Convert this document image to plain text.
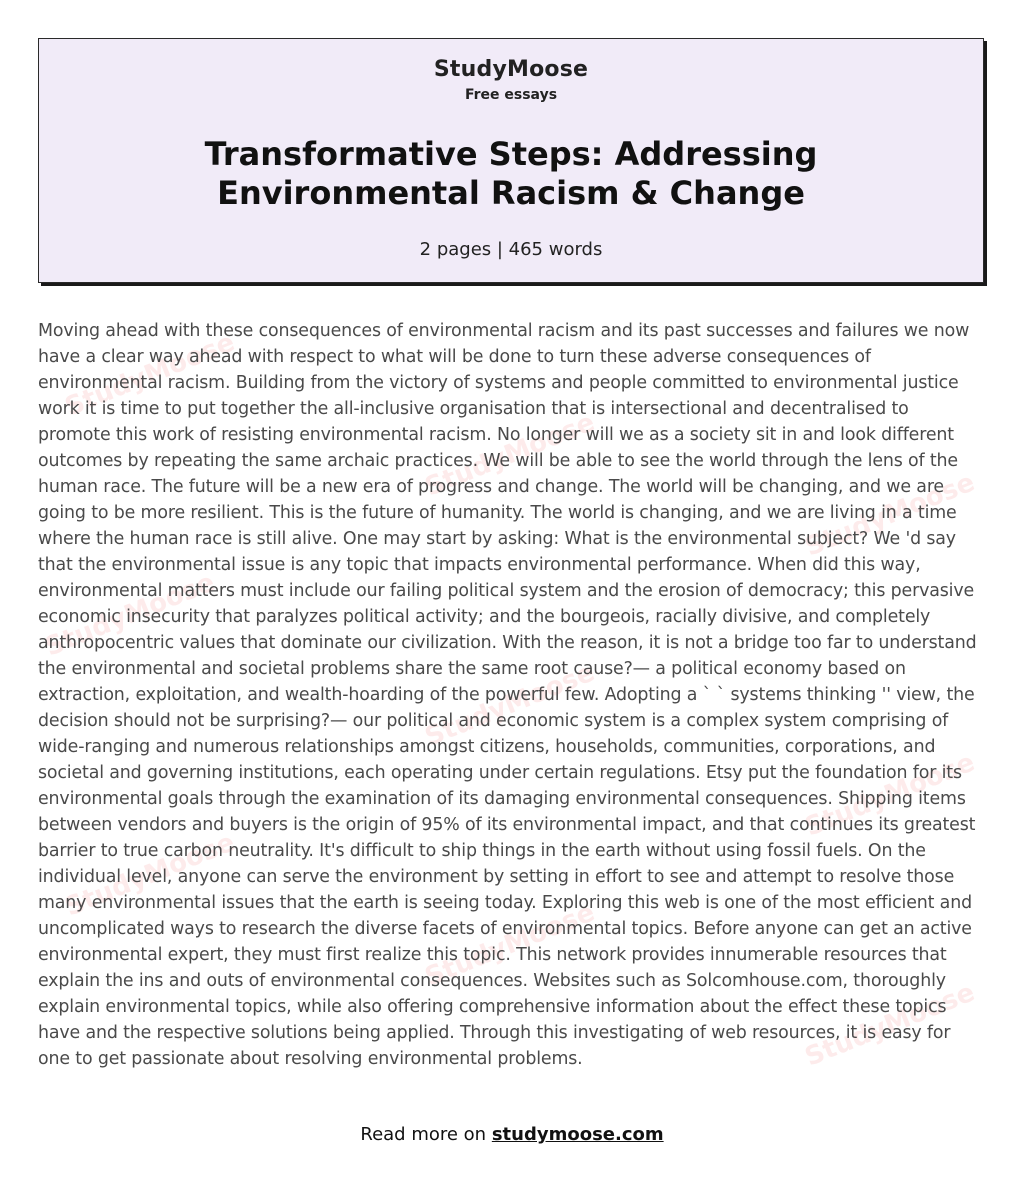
StudyMoose
Free essays
Transformative Steps: Addressing Environmental Racism & Change
2 pages | 465 words
StudyMoose
StudyMoose
StudyMoose
StudyMoose
StudyMoose
StudyMoose
StudyMoose
StudyMoose
StudyMoose

Moving ahead with these consequences of environmental racism and its past successes and failures we now have a clear way ahead with respect to what will be done to turn these adverse consequences of environmental racism. Building from the victory of systems and people committed to environmental justice work it is time to put together the all-inclusive organisation that is intersectional and decentralised to promote this work of resisting environmental racism. No longer will we as a society sit in and look different outcomes by repeating the same archaic practices. We will be able to see the world through the lens of the human race. The future will be a new era of progress and change. The world will be changing, and we are going to be more resilient. This is the future of humanity. The world is changing, and we are living in a time where the human race is still alive. One may start by asking: What is the environmental subject? We 'd say that the environmental issue is any topic that impacts environmental performance. When did this way, environmental matters must include our failing political system and the erosion of democracy; this pervasive economic insecurity that paralyzes political activity; and the bourgeois, racially divisive, and completely anthropocentric values that dominate our civilization. With the reason, it is not a bridge too far to understand the environmental and societal problems share the same root cause?— a political economy based on extraction, exploitation, and wealth-hoarding of the powerful few. Adopting a ` ` systems thinking '' view, the decision should not be surprising?— our political and economic system is a complex system comprising of wide-ranging and numerous relationships amongst citizens, households, communities, corporations, and societal and governing institutions, each operating under certain regulations. Etsy put the foundation for its environmental goals through the examination of its damaging environmental consequences. Shipping items between vendors and buyers is the origin of 95% of its environmental impact, and that continues its greatest barrier to true carbon neutrality. It's difficult to ship things in the earth without using fossil fuels. On the individual level, anyone can serve the environment by setting in effort to see and attempt to resolve those many environmental issues that the earth is seeing today. Exploring this web is one of the most efficient and uncomplicated ways to research the diverse facets of environmental topics. Before anyone can get an active environmental expert, they must first realize this topic. This network provides innumerable resources that explain the ins and outs of environmental consequences. Websites such as Solcomhouse.com, thoroughly explain environmental topics, while also offering comprehensive information about the effect these topics have and the respective solutions being applied. Through this investigating of web resources, it is easy for one to get passionate about resolving environmental problems.

Read more on studymoose.com
